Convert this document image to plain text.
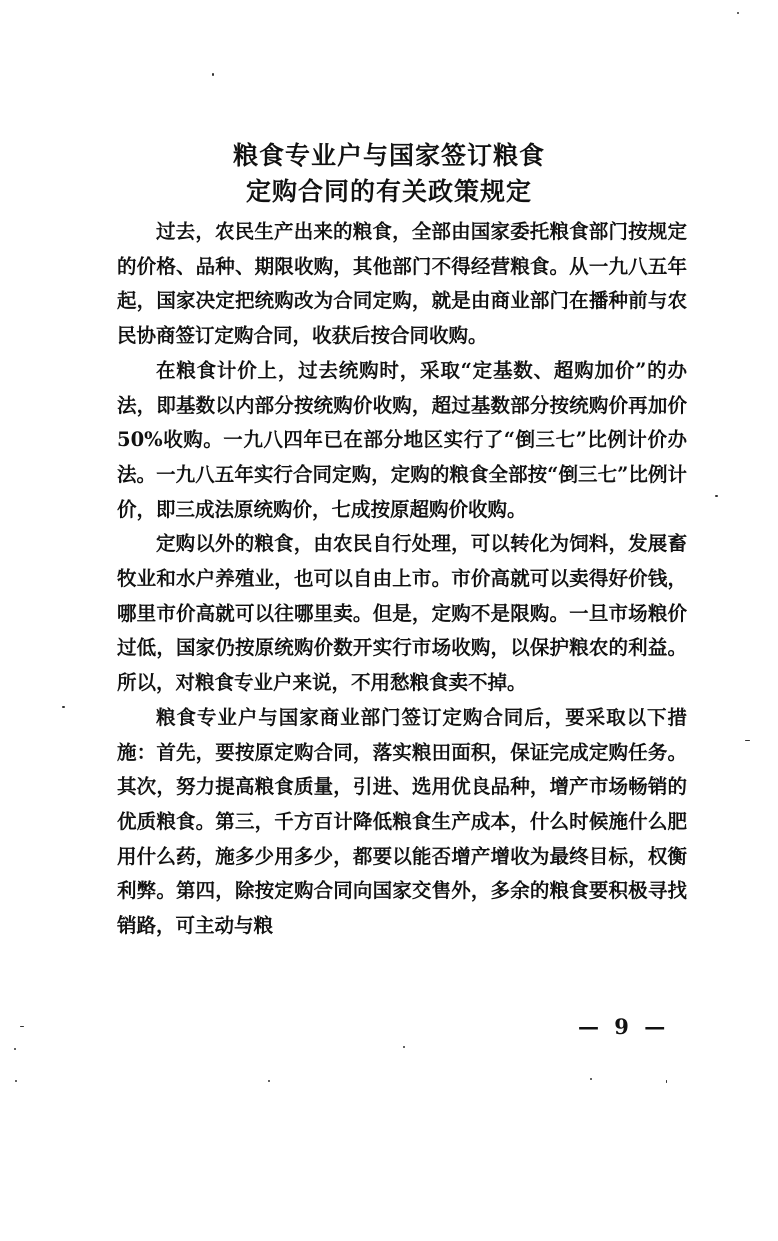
粮食专业户与国家签订粮食
定购合同的有关政策规定

过去，农民生产出来的粮食，全部由国家委托粮食部门按规定的价格、品种、期限收购，其他部门不得经营粮食。从一九八五年起，国家决定把统购改为合同定购，就是由商业部门在播种前与农民协商签订定购合同，收获后按合同收购。

在粮食计价上，过去统购时，采取“定基数、超购加价”的办法，即基数以内部分按统购价收购，超过基数部分按统购价再加价50%收购。一九八四年已在部分地区实行了“倒三七”比例计价办法。一九八五年实行合同定购，定购的粮食全部按“倒三七”比例计价，即三成法原统购价，七成按原超购价收购。

定购以外的粮食，由农民自行处理，可以转化为饲料，发展畜牧业和水户养殖业，也可以自由上市。市价高就可以卖得好价钱，哪里市价高就可以往哪里卖。但是，定购不是限购。一旦市场粮价过低，国家仍按原统购价数开实行市场收购，以保护粮农的利益。所以，对粮食专业户来说，不用愁粮食卖不掉。

粮食专业户与国家商业部门签订定购合同后，要采取以下措施：首先，要按原定购合同，落实粮田面积，保证完成定购任务。其次，努力提高粮食质量，引进、选用优良品种，增产市场畅销的优质粮食。第三，千方百计降低粮食生产成本，什么时候施什么肥用什么药，施多少用多少，都要以能否增产增收为最终目标，权衡利弊。第四，除按定购合同向国家交售外，多余的粮食要积极寻找销路，可主动与粮

— 9 —
